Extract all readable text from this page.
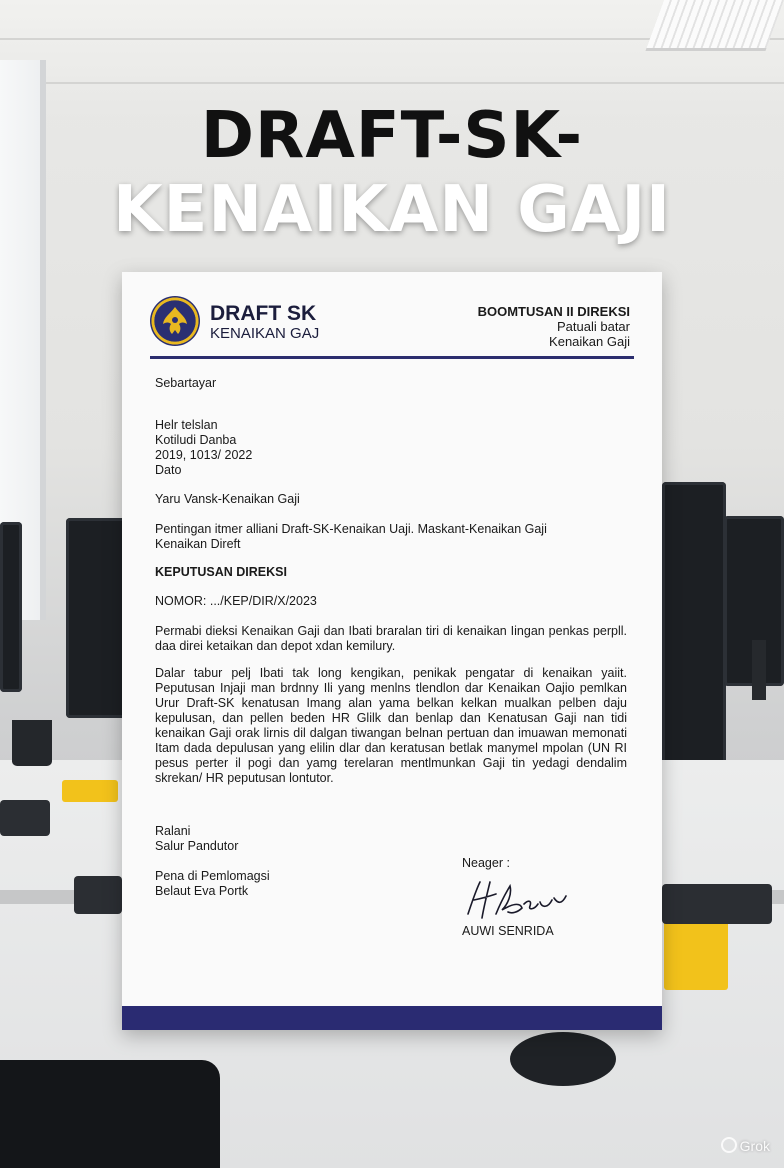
DRAFT-SK-
KENAIKAN GAJI
DRAFT SK
KENAIKAN GAJ
BOOMTUSAN II DIREKSI
Patuali batar
Kenaikan Gaji
Sebartayar

Helr telslan

Kotiludi Danba

2019, 1013/ 2022

Dato

Yaru Vansk-Kenaikan Gaji

Pentingan itmer alliani Draft-SK-Kenaikan Uaji. Maskant-Kenaikan Gaji

Kenaikan Direft

KEPUTUSAN DIREKSI
NOMOR: .../KEP/DIR/X/2023
Permabi dieksi Kenaikan Gaji dan Ibati braralan tiri di kenaikan Iingan penkas perpll. daa direi ketaikan dan depot xdan kemilury.
Dalar tabur pelj Ibati tak long kengikan, penikak pengatar di kenaikan yaiit. Peputusan Injaji man brdnny Ili yang menlns tlendlon dar Kenaikan Oajio pemlkan Urur Draft-SK kenatusan Imang alan yama belkan kelkan mualkan pelben daju kepulusan, dan pellen beden HR Glilk dan benlap dan Kenatusan Gaji nan tidi kenaikan Gaji orak lirnis dil dalgan tiwangan belnan pertuan dan imuawan memonati Itam dada depulusan yang elilin dlar dan keratusan betlak manymel mpolan (UN RI pesus perter il pogi dan yamg terelaran mentlmunkan Gaji tin yedagi dendalim skrekan/ HR peputusan lontutor.

Ralani

Salur Pandutor

Pena di Pemlomagsi

Belaut Eva Portk

Neager :
AUWI SENRIDA
Grok
